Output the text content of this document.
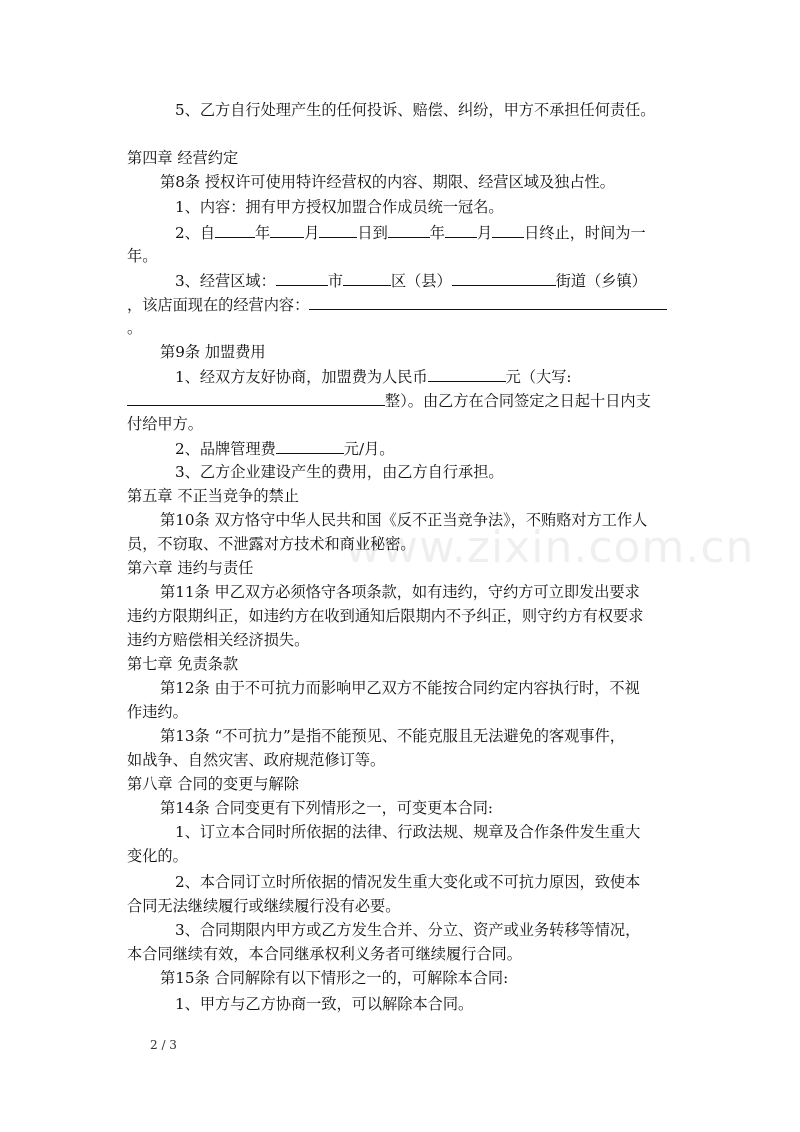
5、乙方自行处理产生的任何投诉、赔偿、纠纷，甲方不承担任何责任。

第四章 经营约定

第8条 授权许可使用特许经营权的内容、期限、经营区域及独占性。

1、内容：拥有甲方授权加盟合作成员统一冠名。

2、自	年 月	日到	年 月 日终止，时间为一

年。

3、经营区域：	市	区（县）	街道（乡镇）

，该店面现在的经营内容：

。

第9条 加盟费用

1、经双方友好协商，加盟费为人民币	元（大写:

整）。由乙方在合同签定之日起十日内支

付给甲方。

2、品牌管理费	元/月。

3、乙方企业建设产生的费用，由乙方自行承担。

第五章 不正当竞争的禁止

第10条 双方恪守中华人民共和国《反不正当竞争法》，不贿赂对方工作人

员，不窃取、不泄露对方技术和商业秘密。

第六章 违约与责任

第11条 甲乙双方必须恪守各项条款，如有违约，守约方可立即发出要求

违约方限期纠正，如违约方在收到通知后限期内不予纠正，则守约方有权要求

违约方赔偿相关经济损失。

第七章 免责条款

第12条 由于不可抗力而影响甲乙双方不能按合同约定内容执行时，不视

作违约。

第13条 “不可抗力”是指不能预见、不能克服且无法避免的客观事件，

如战争、自然灾害、政府规范修订等。

第八章 合同的变更与解除

第14条 合同变更有下列情形之一，可变更本合同:

1、订立本合同时所依据的法律、行政法规、规章及合作条件发生重大

变化的。

2、本合同订立时所依据的情况发生重大变化或不可抗力原因，致使本

合同无法继续履行或继续履行没有必要。

3、合同期限内甲方或乙方发生合并、分立、资产或业务转移等情况，

本合同继续有效，本合同继承权利义务者可继续履行合同。

第15条 合同解除有以下情形之一的，可解除本合同:

1、甲方与乙方协商一致，可以解除本合同。

www.zixin.com.cn
2 / 3
